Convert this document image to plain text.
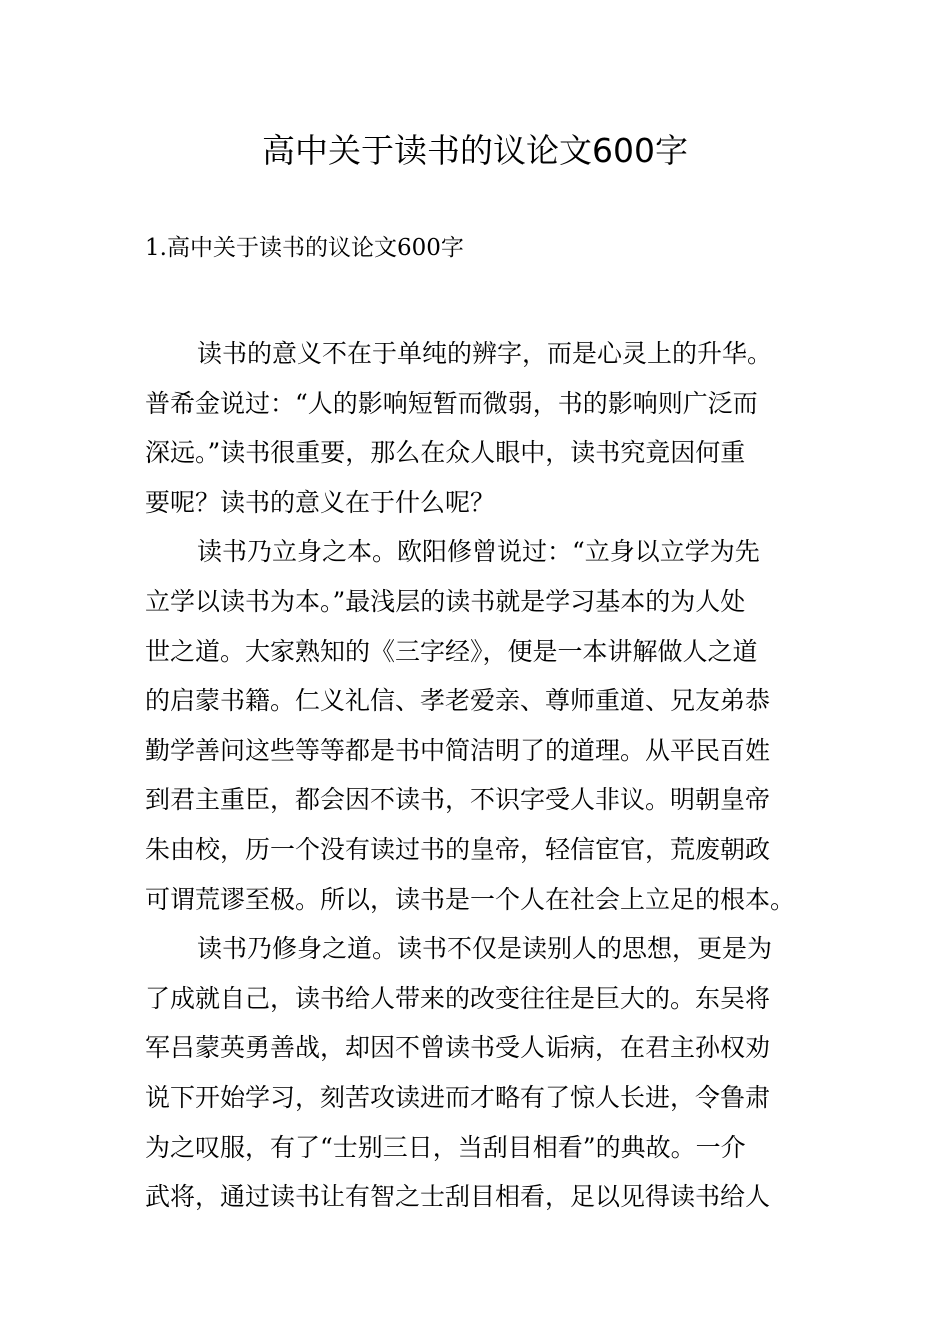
高中关于读书的议论文600字
1.高中关于读书的议论文600字
读书的意义不在于单纯的辨字，而是心灵上的升华。
普希金说过：“人的影响短暂而微弱，书的影响则广泛而
深远。”读书很重要，那么在众人眼中，读书究竟因何重
要呢？读书的意义在于什么呢？
读书乃立身之本。欧阳修曾说过：“立身以立学为先
立学以读书为本。”最浅层的读书就是学习基本的为人处
世之道。大家熟知的《三字经》，便是一本讲解做人之道
的启蒙书籍。仁义礼信、孝老爱亲、尊师重道、兄友弟恭
勤学善问这些等等都是书中简洁明了的道理。从平民百姓
到君主重臣，都会因不读书，不识字受人非议。明朝皇帝
朱由校，历一个没有读过书的皇帝，轻信宦官，荒废朝政
可谓荒谬至极。所以，读书是一个人在社会上立足的根本。
读书乃修身之道。读书不仅是读别人的思想，更是为
了成就自己，读书给人带来的改变往往是巨大的。东吴将
军吕蒙英勇善战，却因不曾读书受人诟病，在君主孙权劝
说下开始学习，刻苦攻读进而才略有了惊人长进，令鲁肃
为之叹服，有了“士别三日，当刮目相看”的典故。一介
武将，通过读书让有智之士刮目相看，足以见得读书给人
